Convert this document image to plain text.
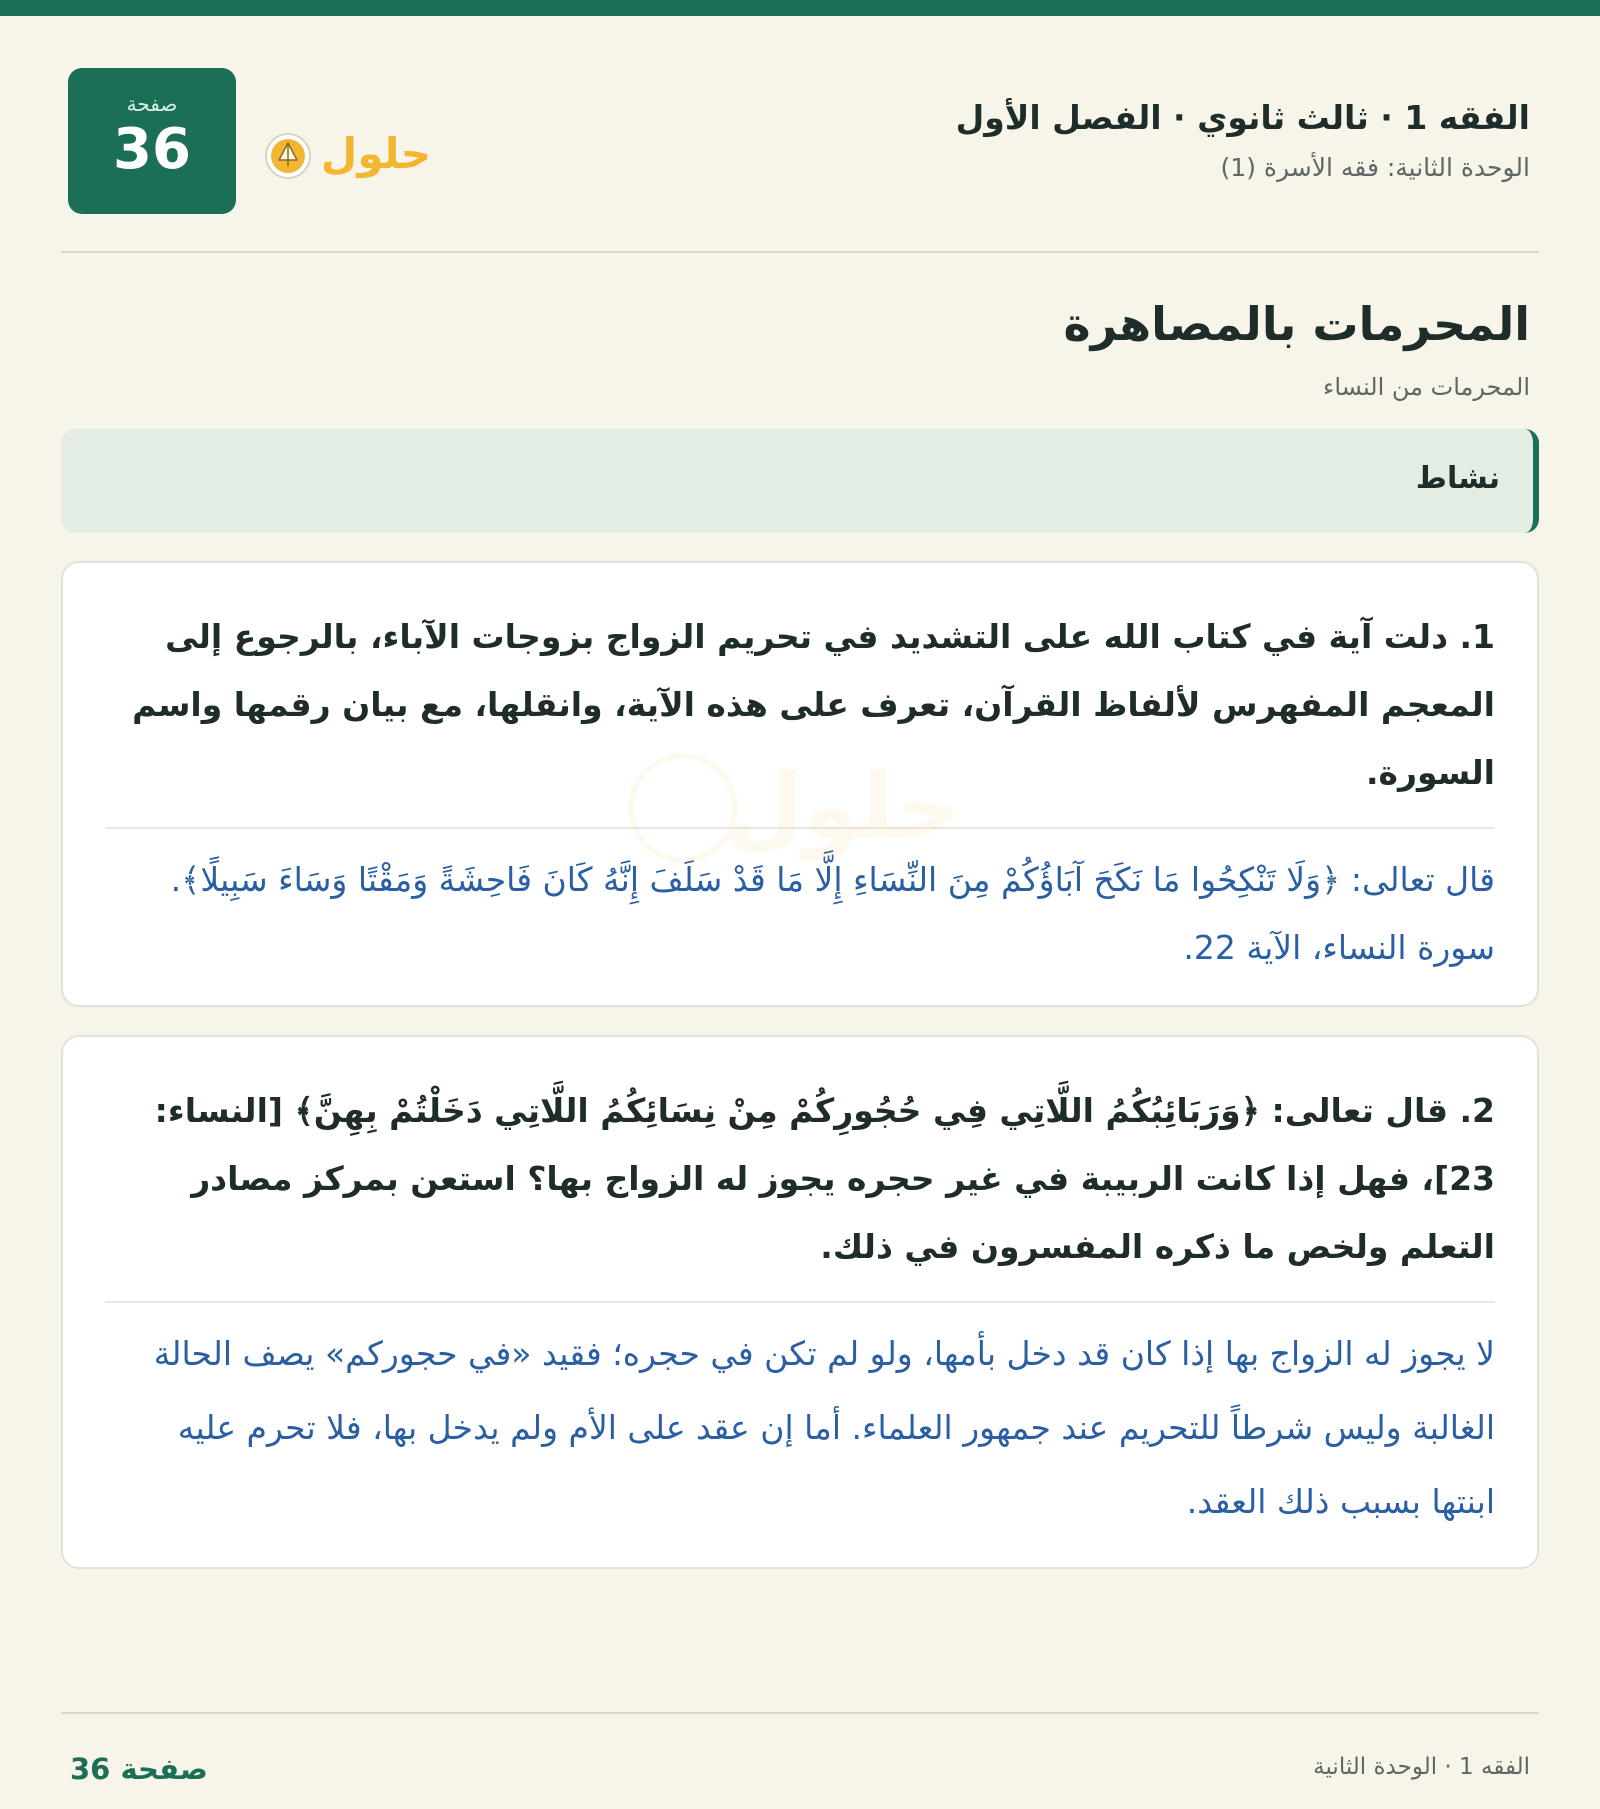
الفقه 1 · ثالث ثانوي · الفصل الأول
الوحدة الثانية: فقه الأسرة (1)
حلول
صفحة
36
المحرمات بالمصاهرة
المحرمات من النساء
نشاط
حلول

1. دلت آية في كتاب الله على التشديد في تحريم الزواج بزوجات الآباء، بالرجوع إلى المعجم المفهرس لألفاظ القرآن، تعرف على هذه الآية، وانقلها، مع بيان رقمها واسم السورة.

قال تعالى: ﴿وَلَا تَنْكِحُوا مَا نَكَحَ آبَاؤُكُمْ مِنَ النِّسَاءِ إِلَّا مَا قَدْ سَلَفَ إِنَّهُ كَانَ فَاحِشَةً وَمَقْتًا وَسَاءَ سَبِيلًا﴾.

سورة النساء، الآية 22.

2. قال تعالى: ﴿وَرَبَائِبُكُمُ اللَّاتِي فِي حُجُورِكُمْ مِنْ نِسَائِكُمُ اللَّاتِي دَخَلْتُمْ بِهِنَّ﴾ [النساء: 23]، فهل إذا كانت الربيبة في غير حجره يجوز له الزواج بها؟ استعن بمركز مصادر التعلم ولخص ما ذكره المفسرون في ذلك.

لا يجوز له الزواج بها إذا كان قد دخل بأمها، ولو لم تكن في حجره؛ فقيد «في حجوركم» يصف الحالة الغالبة وليس شرطاً للتحريم عند جمهور العلماء. أما إن عقد على الأم ولم يدخل بها، فلا تحرم عليه ابنتها بسبب ذلك العقد.

الفقه 1 · الوحدة الثانية
صفحة 36
